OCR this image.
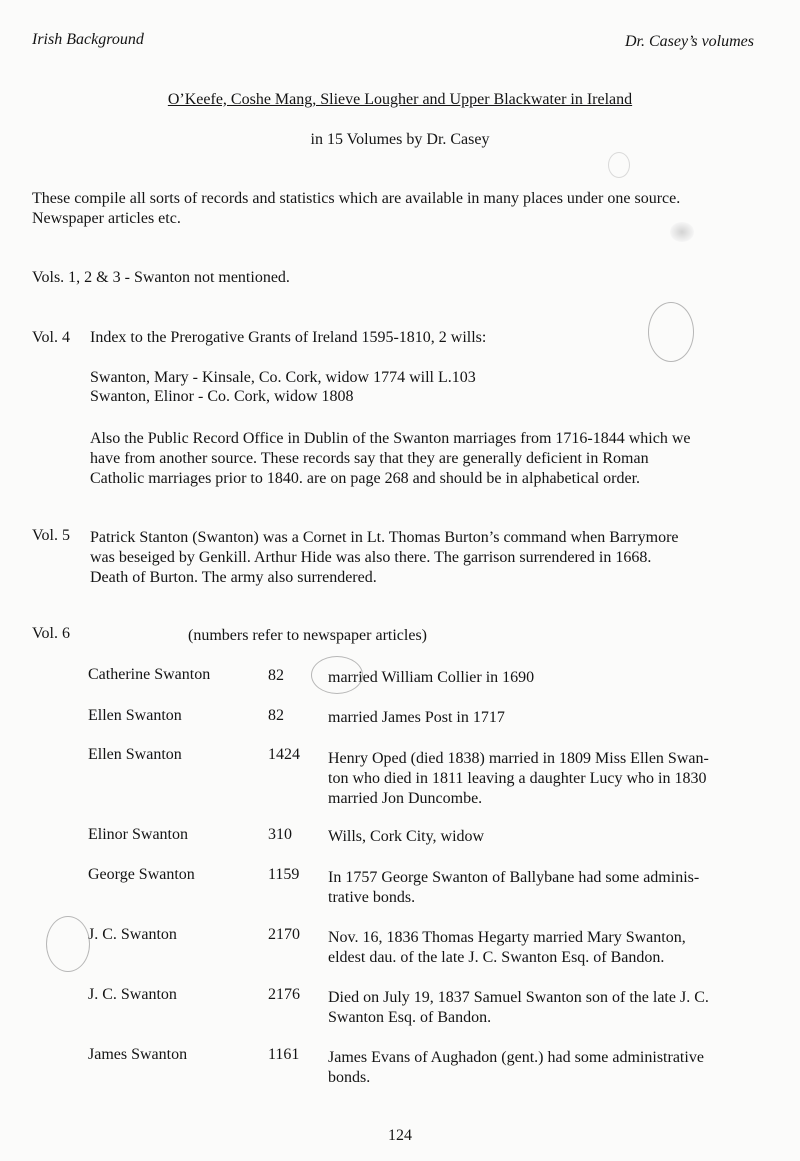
Irish Background	Dr. Casey’s volumes
O’Keefe, Coshe Mang, Slieve Lougher and Upper Blackwater in Ireland
in 15 Volumes by Dr. Casey
These compile all sorts of records and statistics which are available in many places under one source.
Newspaper articles etc.
Vols. 1, 2 & 3 - Swanton not mentioned.
Vol. 4 Index to the Prerogative Grants of Ireland 1595-1810, 2 wills:
Swanton, Mary - Kinsale, Co. Cork, widow 1774 will L.103
Swanton, Elinor - Co. Cork, widow 1808
Also the Public Record Office in Dublin of the Swanton marriages from 1716-1844 which we
have from another source. These records say that they are generally deficient in Roman
Catholic marriages prior to 1840. are on page 268 and should be in alphabetical order.
Vol. 5 Patrick Stanton (Swanton) was a Cornet in Lt. Thomas Burton’s command when Barrymore
was beseiged by Genkill. Arthur Hide was also there. The garrison surrendered in 1668.
Death of Burton. The army also surrendered.
Vol. 6	(numbers refer to newspaper articles)
Catherine Swanton	82	married William Collier in 1690
Ellen Swanton	82	married James Post in 1717
Ellen Swanton	1424	Henry Oped (died 1838) married in 1809 Miss Ellen Swan-
ton who died in 1811 leaving a daughter Lucy who in 1830
married Jon Duncombe.
Elinor Swanton	310	Wills, Cork City, widow
George Swanton	1159	In 1757 George Swanton of Ballybane had some adminis-
trative bonds.
J. C. Swanton	2170	Nov. 16, 1836 Thomas Hegarty married Mary Swanton,
eldest dau. of the late J. C. Swanton Esq. of Bandon.
J. C. Swanton	2176	Died on July 19, 1837 Samuel Swanton son of the late J. C.
Swanton Esq. of Bandon.
James Swanton	1161	James Evans of Aughadon (gent.) had some administrative
bonds.
124
